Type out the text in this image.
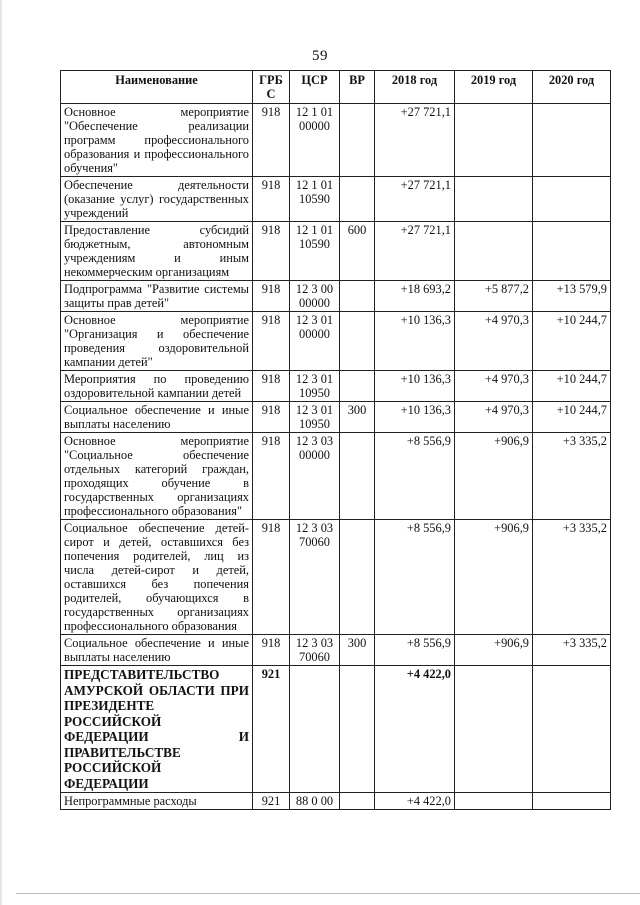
59
Наименование	ГРБ С	ЦСР	ВР	2018 год	2019 год	2020 год
Основное мероприятие "Обеспечение реализации программ профессионального образования и профессионального обучения"	918	12 1 01 00000		+27 721,1		
Обеспечение деятельности (оказание услуг) государственных учреждений	918	12 1 01 10590		+27 721,1		
Предоставление субсидий бюджетным, автономным учреждениям и иным некоммерческим организациям	918	12 1 01 10590	600	+27 721,1		
Подпрограмма "Развитие системы защиты прав детей"	918	12 3 00 00000		+18 693,2	+5 877,2	+13 579,9
Основное мероприятие "Организация и обеспечение проведения оздоровительной кампании детей"	918	12 3 01 00000		+10 136,3	+4 970,3	+10 244,7
Мероприятия по проведению оздоровительной кампании детей	918	12 3 01 10950		+10 136,3	+4 970,3	+10 244,7
Социальное обеспечение и иные выплаты населению	918	12 3 01 10950	300	+10 136,3	+4 970,3	+10 244,7
Основное мероприятие "Социальное обеспечение отдельных категорий граждан, проходящих обучение в государственных организациях профессионального образования"	918	12 3 03 00000		+8 556,9	+906,9	+3 335,2
Социальное обеспечение детей-сирот и детей, оставшихся без попечения родителей, лиц из числа детей-сирот и детей, оставшихся без попечения родителей, обучающихся в государственных организациях профессионального образования	918	12 3 03 70060		+8 556,9	+906,9	+3 335,2
Социальное обеспечение и иные выплаты населению	918	12 3 03 70060	300	+8 556,9	+906,9	+3 335,2
ПРЕДСТАВИТЕЛЬСТВО АМУРСКОЙ ОБЛАСТИ ПРИ ПРЕЗИДЕНТЕ РОССИЙСКОЙ ФЕДЕРАЦИИ И ПРАВИТЕЛЬСТВЕ РОССИЙСКОЙ ФЕДЕРАЦИИ	921			+4 422,0		
Непрограммные расходы	921	88 0 00		+4 422,0		
